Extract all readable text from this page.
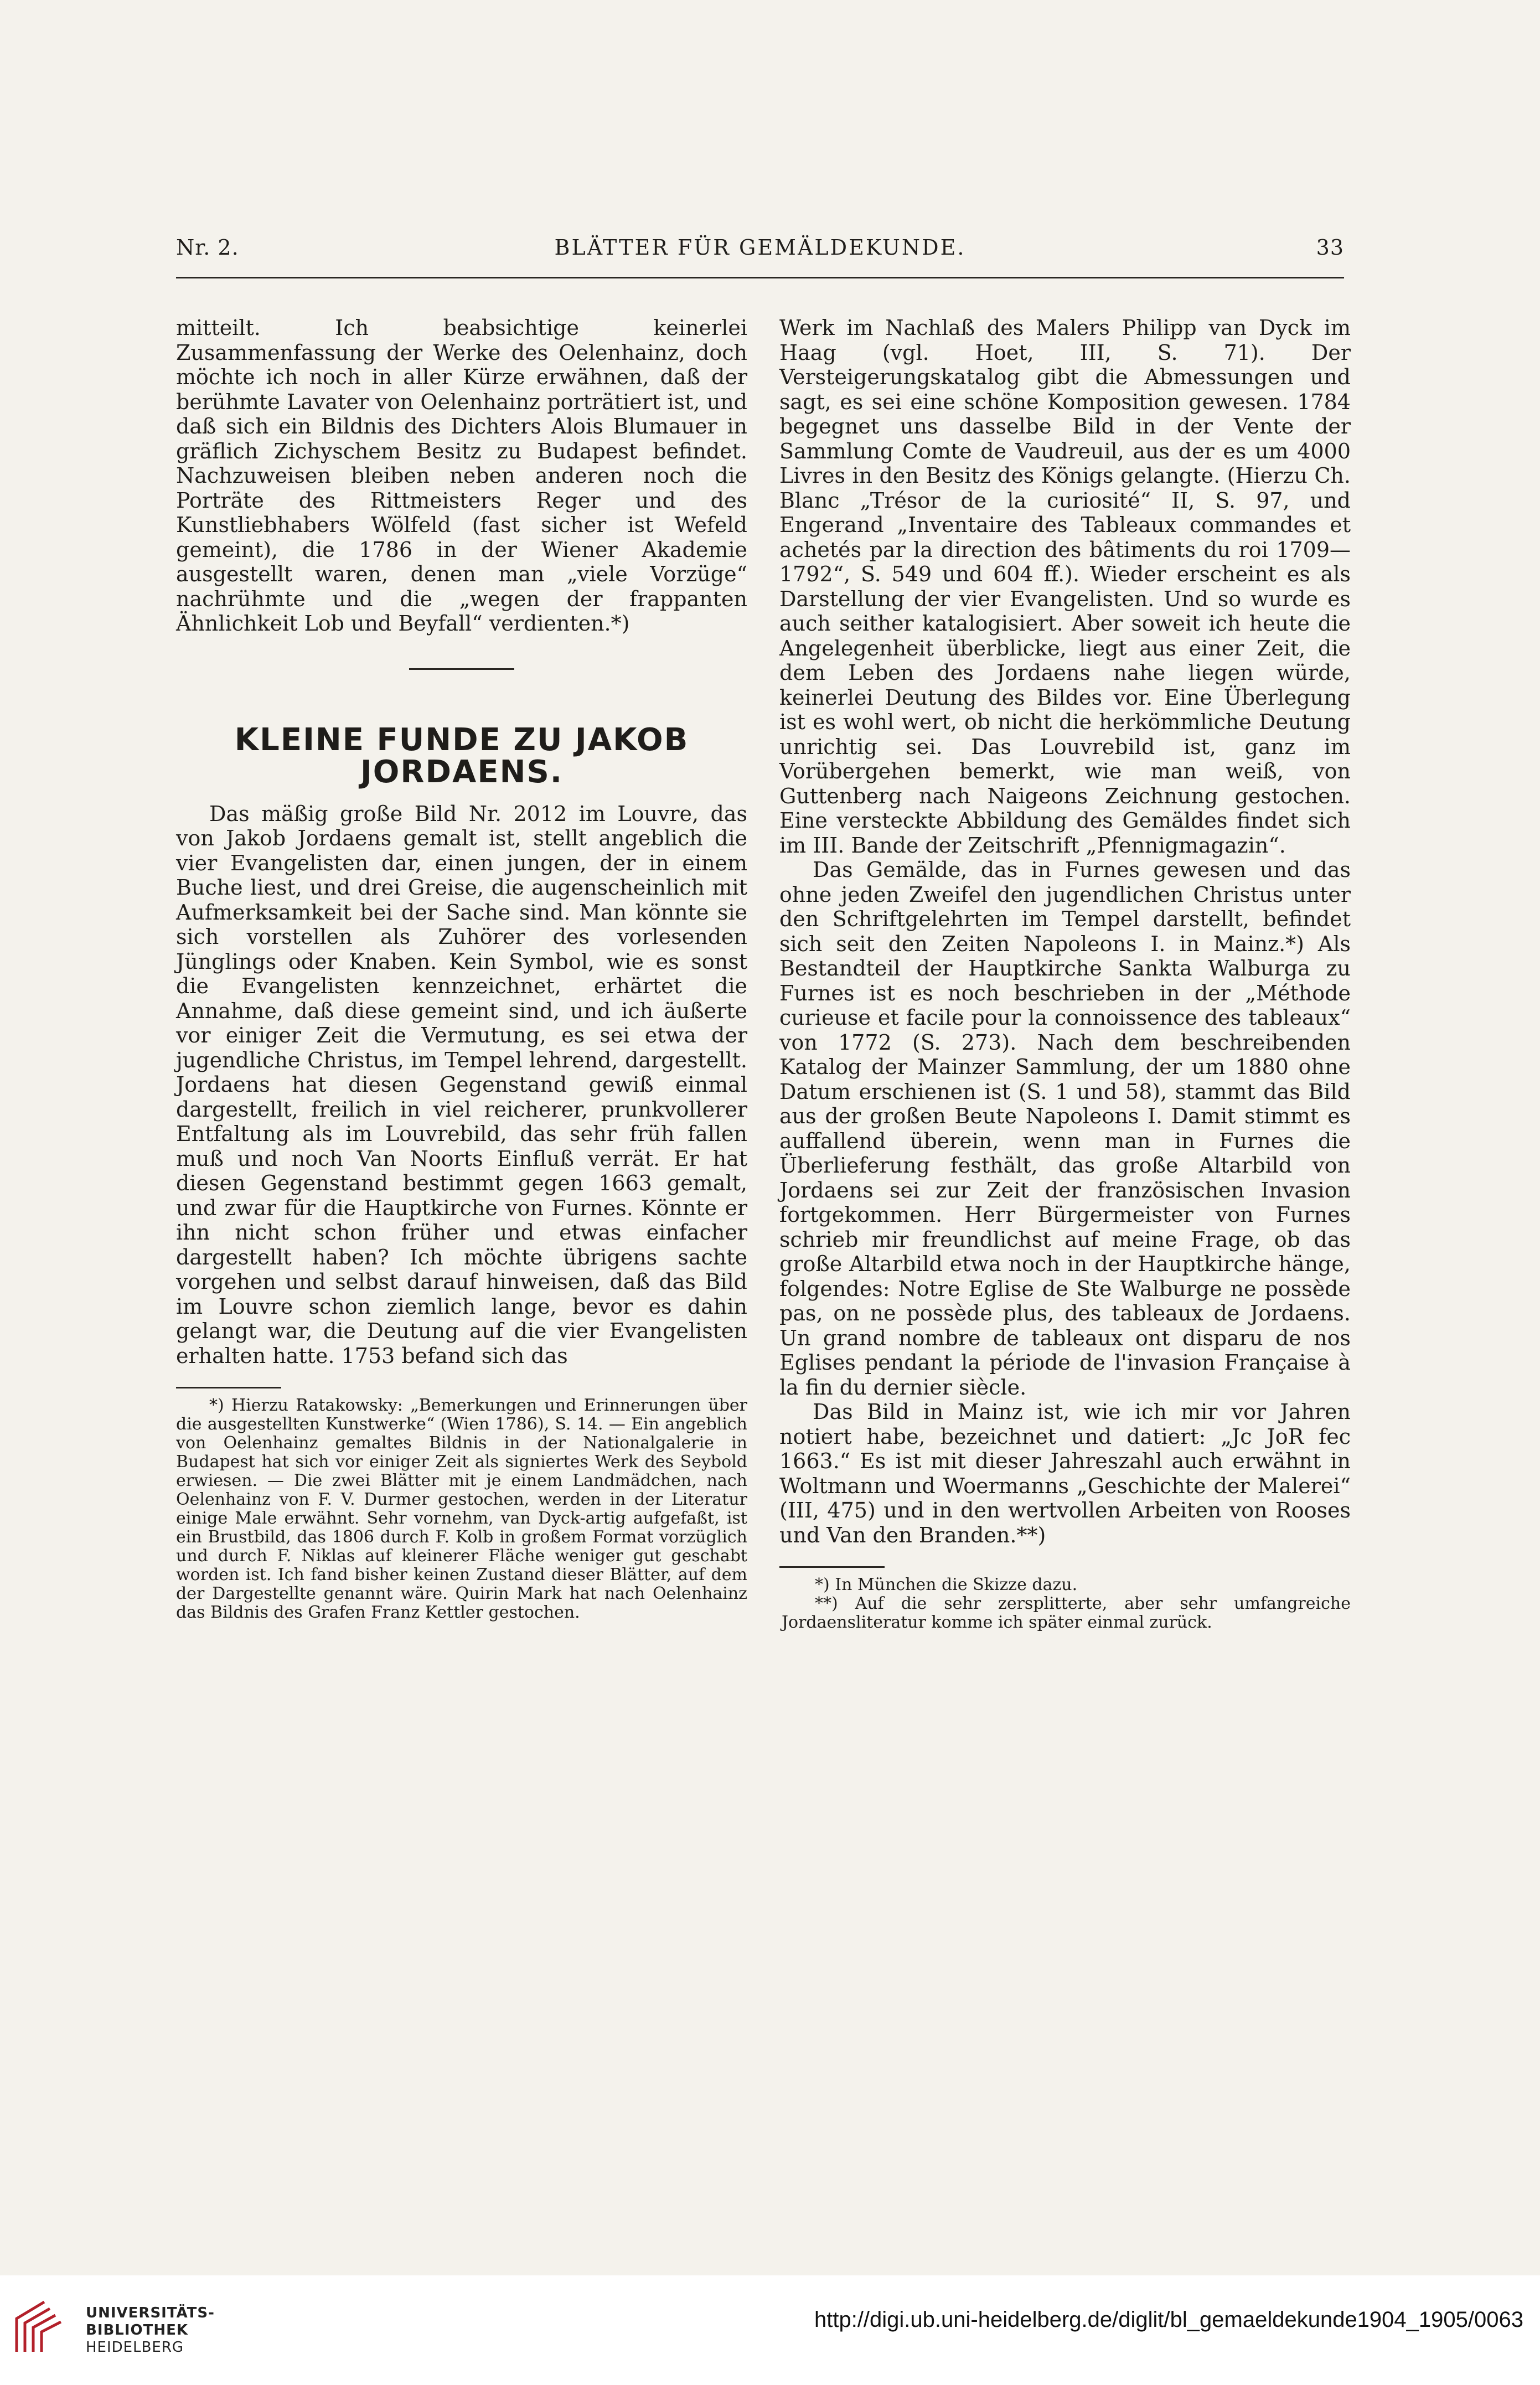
Nr. 2.	BLÄTTER FÜR GEMÄLDEKUNDE.	33

mitteilt. Ich beabsichtige keinerlei Zusammenfassung der Werke des Oelenhainz, doch möchte ich noch in aller Kürze erwähnen, daß der berühmte Lavater von Oelenhainz porträtiert ist, und daß sich ein Bildnis des Dichters Alois Blumauer in gräflich Zichyschem Besitz zu Budapest befindet. Nachzuweisen bleiben neben anderen noch die Porträte des Rittmeisters Reger und des Kunstliebhabers Wölfeld (fast sicher ist Wefeld gemeint), die 1786 in der Wiener Akademie ausgestellt waren, denen man „viele Vorzüge“ nachrühmte und die „wegen der frappanten Ähnlichkeit Lob und Beyfall“ verdienten.*)

KLEINE FUNDE ZU JAKOB JORDAENS.

Das mäßig große Bild Nr. 2012 im Louvre, das von Jakob Jordaens gemalt ist, stellt angeblich die vier Evangelisten dar, einen jungen, der in einem Buche liest, und drei Greise, die augenscheinlich mit Aufmerksamkeit bei der Sache sind. Man könnte sie sich vorstellen als Zuhörer des vorlesenden Jünglings oder Knaben. Kein Symbol, wie es sonst die Evangelisten kennzeichnet, erhärtet die Annahme, daß diese gemeint sind, und ich äußerte vor einiger Zeit die Vermutung, es sei etwa der jugendliche Christus, im Tempel lehrend, dargestellt. Jordaens hat diesen Gegenstand gewiß einmal dargestellt, freilich in viel reicherer, prunkvollerer Entfaltung als im Louvrebild, das sehr früh fallen muß und noch Van Noorts Einfluß verrät. Er hat diesen Gegenstand bestimmt gegen 1663 gemalt, und zwar für die Hauptkirche von Furnes. Könnte er ihn nicht schon früher und etwas einfacher dargestellt haben? Ich möchte übrigens sachte vorgehen und selbst darauf hinweisen, daß das Bild im Louvre schon ziemlich lange, bevor es dahin gelangt war, die Deutung auf die vier Evangelisten erhalten hatte. 1753 befand sich das

*) Hierzu Ratakowsky: „Bemerkungen und Erinnerungen über die ausgestellten Kunstwerke“ (Wien 1786), S. 14. — Ein angeblich von Oelenhainz gemaltes Bildnis in der Nationalgalerie in Budapest hat sich vor einiger Zeit als signiertes Werk des Seybold erwiesen. — Die zwei Blätter mit je einem Landmädchen, nach Oelenhainz von F. V. Durmer gestochen, werden in der Literatur einige Male erwähnt. Sehr vornehm, van Dyck-artig aufgefaßt, ist ein Brustbild, das 1806 durch F. Kolb in großem Format vorzüglich und durch F. Niklas auf kleinerer Fläche weniger gut geschabt worden ist. Ich fand bisher keinen Zustand dieser Blätter, auf dem der Dargestellte genannt wäre. Quirin Mark hat nach Oelenhainz das Bildnis des Grafen Franz Kettler gestochen.

Werk im Nachlaß des Malers Philipp van Dyck im Haag (vgl. Hoet, III, S. 71). Der Versteigerungskatalog gibt die Abmessungen und sagt, es sei eine schöne Komposition gewesen. 1784 begegnet uns dasselbe Bild in der Vente der Sammlung Comte de Vaudreuil, aus der es um 4000 Livres in den Besitz des Königs gelangte. (Hierzu Ch. Blanc „Trésor de la curiosité“ II, S. 97, und Engerand „Inventaire des Tableaux commandes et achetés par la direction des bâtiments du roi 1709—1792“, S. 549 und 604 ff.). Wieder erscheint es als Darstellung der vier Evangelisten. Und so wurde es auch seither katalogisiert. Aber soweit ich heute die Angelegenheit überblicke, liegt aus einer Zeit, die dem Leben des Jordaens nahe liegen würde, keinerlei Deutung des Bildes vor. Eine Überlegung ist es wohl wert, ob nicht die herkömmliche Deutung unrichtig sei. Das Louvrebild ist, ganz im Vorübergehen bemerkt, wie man weiß, von Guttenberg nach Naigeons Zeichnung gestochen. Eine versteckte Abbildung des Gemäldes findet sich im III. Bande der Zeitschrift „Pfennigmagazin“.

Das Gemälde, das in Furnes gewesen und das ohne jeden Zweifel den jugendlichen Christus unter den Schriftgelehrten im Tempel darstellt, befindet sich seit den Zeiten Napoleons I. in Mainz.*) Als Bestandteil der Hauptkirche Sankta Walburga zu Furnes ist es noch beschrieben in der „Méthode curieuse et facile pour la connoissence des tableaux“ von 1772 (S. 273). Nach dem beschreibenden Katalog der Mainzer Sammlung, der um 1880 ohne Datum erschienen ist (S. 1 und 58), stammt das Bild aus der großen Beute Napoleons I. Damit stimmt es auffallend überein, wenn man in Furnes die Überlieferung festhält, das große Altarbild von Jordaens sei zur Zeit der französischen Invasion fortgekommen. Herr Bürgermeister von Furnes schrieb mir freundlichst auf meine Frage, ob das große Altarbild etwa noch in der Hauptkirche hänge, folgendes: Notre Eglise de Ste Walburge ne possède pas, on ne possède plus, des tableaux de Jordaens. Un grand nombre de tableaux ont disparu de nos Eglises pendant la période de l'invasion Française à la fin du dernier siècle.

Das Bild in Mainz ist, wie ich mir vor Jahren notiert habe, bezeichnet und datiert: „Jc JoR fec 1663.“ Es ist mit dieser Jahreszahl auch erwähnt in Woltmann und Woermanns „Geschichte der Malerei“ (III, 475) und in den wertvollen Arbeiten von Rooses und Van den Branden.**)

*) In München die Skizze dazu.

**) Auf die sehr zersplitterte, aber sehr umfangreiche Jordaensliteratur komme ich später einmal zurück.

UNIVERSITÄTS-
BIBLIOTHEK
HEIDELBERG
http://digi.ub.uni-heidelberg.de/diglit/bl_gemaeldekunde1904_1905/0063
